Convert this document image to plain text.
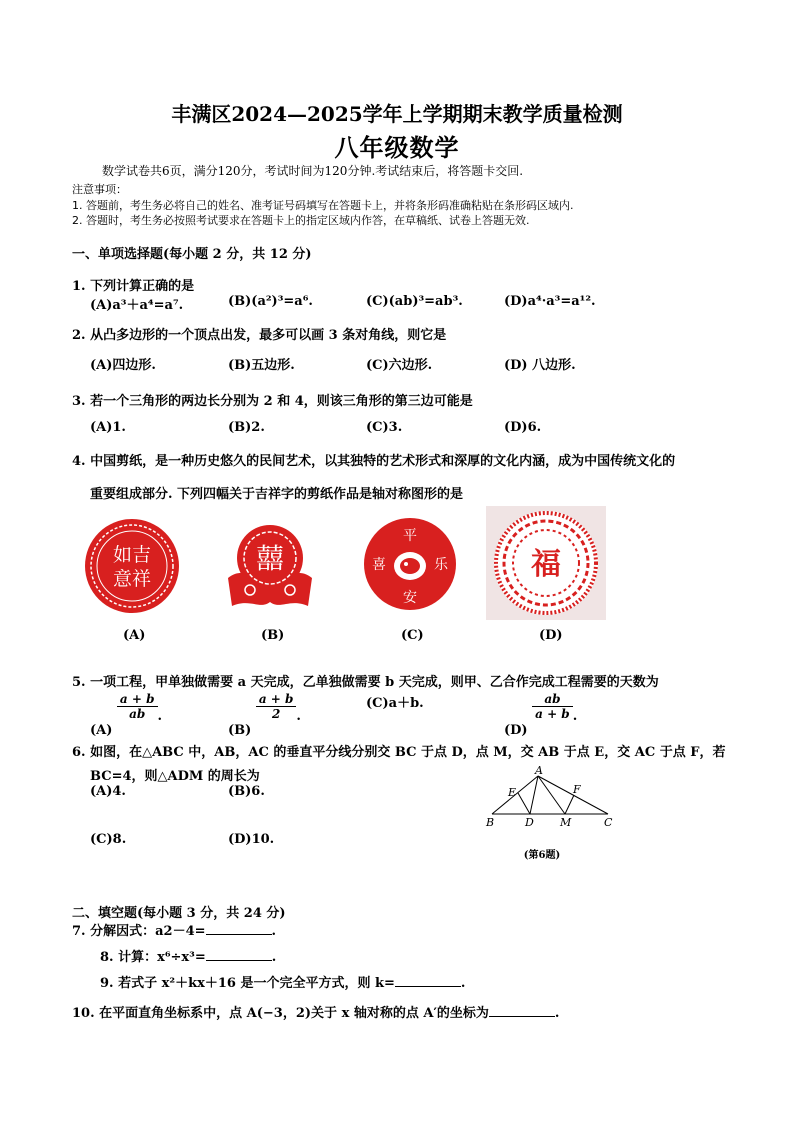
丰满区2024—2025学年上学期期末教学质量检测
八年级数学
数学试卷共6页，满分120分，考试时间为120分钟.考试结束后，将答题卡交回.
注意事项：
1. 答题前，考生务必将自己的姓名、准考证号码填写在答题卡上，并将条形码准确粘贴在条形码区域内.
2. 答题时，考生务必按照考试要求在答题卡上的指定区域内作答，在草稿纸、试卷上答题无效.
一、单项选择题(每小题 2 分，共 12 分)
1. 下列计算正确的是
(A)a³＋a⁴=a⁷.	(B)(a²)³=a⁶.	(C)(ab)³=ab³.	(D)a⁴·a³=a¹².
2. 从凸多边形的一个顶点出发，最多可以画 3 条对角线，则它是
(A)四边形.	(B)五边形.	(C)六边形.	(D) 八边形.
3. 若一个三角形的两边长分别为 2 和 4，则该三角形的第三边可能是
(A)1.	(B)2.	(C)3.	(D)6.
4. 中国剪纸，是一种历史悠久的民间艺术，以其独特的艺术形式和深厚的文化内涵，成为中国传统文化的
重要组成部分. 下列四幅关于吉祥字的剪纸作品是轴对称图形的是
如吉
意祥
囍
平
喜	乐
安
福
(A)	(B)	(C)	(D)
5. 一项工程，甲单独做需要 a 天完成，乙单独做需要 b 天完成，则甲、乙合作完成工程需要的天数为
(A)
$\frac{a + b}{ab}$ .
(B)
$\frac{a + b}{2}$ .
(C)a＋b.
(D)
$\frac{ab}{a + b}$ .
6. 如图，在△ABC 中，AB，AC 的垂直平分线分别交 BC 于点 D，点 M，交 AB 于点 E，交 AC 于点 F，若
BC=4，则△ADM 的周长为
(A)4.	(B)6.
(C)8.	(D)10.
A
B	C
D
E	F
M
(第6题)
二、填空题(每小题 3 分，共 24 分)
7. 分解因式：a2－4=	.
8. 计算：x⁶÷x³=	.
9. 若式子 x²＋kx＋16 是一个完全平方式，则 k=	.
10. 在平面直角坐标系中，点 A(−3，2)关于 x 轴对称的点 A′的坐标为	.
